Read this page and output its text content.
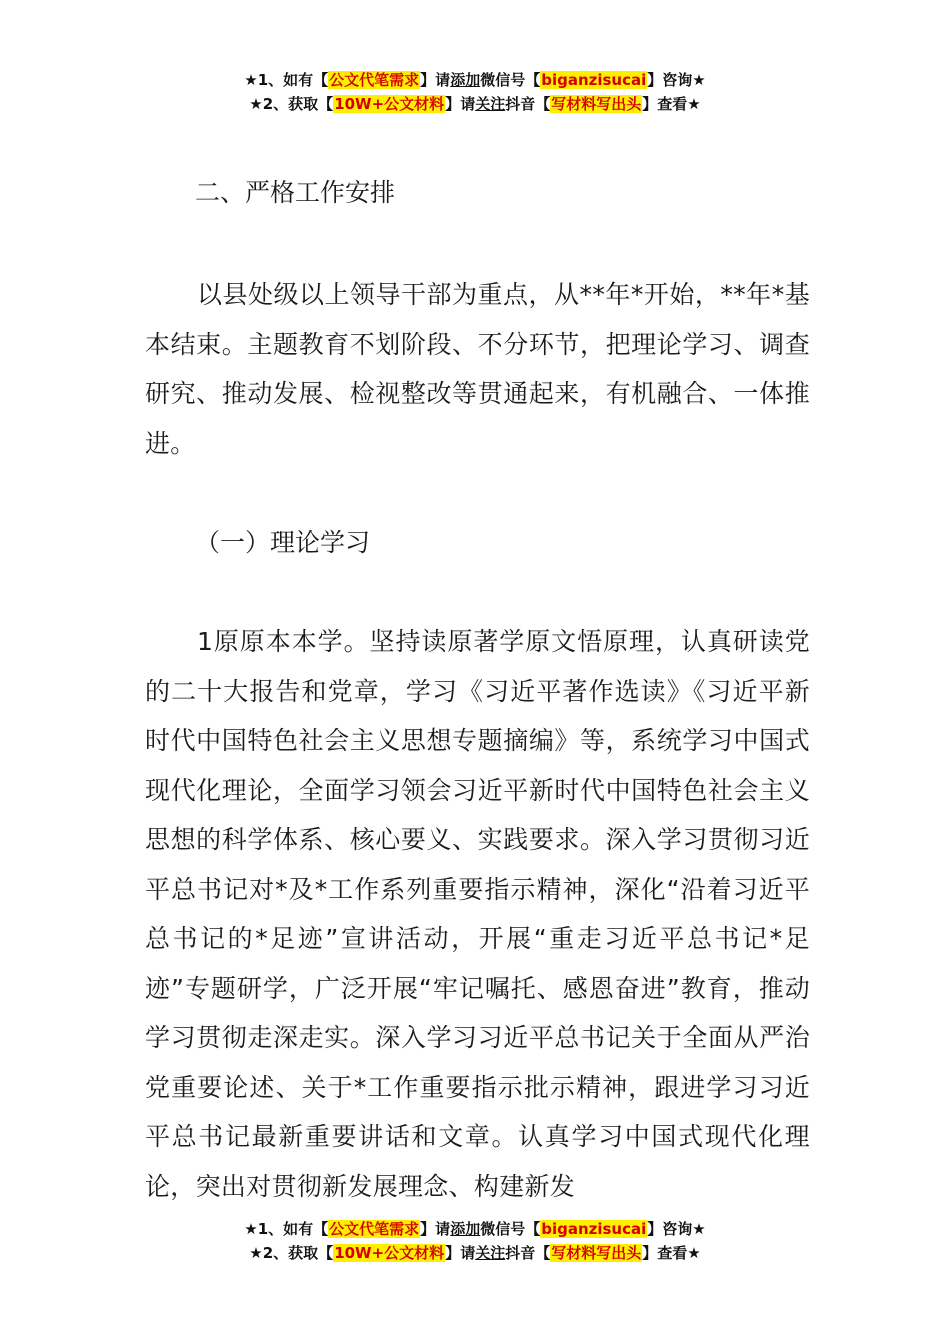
★1、如有【公文代笔需求】请添加微信号【biganzisucai】咨询★
★2、获取【10W+公文材料】请关注抖音【写材料写出头】查看★
二、严格工作安排

以县处级以上领导干部为重点，从**年*开始，**年*基本结束。主题教育不划阶段、不分环节，把理论学习、调查研究、推动发展、检视整改等贯通起来，有机融合、一体推进。

（一）理论学习

1原原本本学。坚持读原著学原文悟原理，认真研读党的二十大报告和党章，学习《习近平著作选读》《习近平新时代中国特色社会主义思想专题摘编》等，系统学习中国式现代化理论，全面学习领会习近平新时代中国特色社会主义思想的科学体系、核心要义、实践要求。深入学习贯彻习近平总书记对*及*工作系列重要指示精神，深化“沿着习近平总书记的*足迹”宣讲活动，开展“重走习近平总书记*足迹”专题研学，广泛开展“牢记嘱托、感恩奋进”教育，推动学习贯彻走深走实。深入学习习近平总书记关于全面从严治党重要论述、关于*工作重要指示批示精神，跟进学习习近平总书记最新重要讲话和文章。认真学习中国式现代化理论，突出对贯彻新发展理念、构建新发

★1、如有【公文代笔需求】请添加微信号【biganzisucai】咨询★
★2、获取【10W+公文材料】请关注抖音【写材料写出头】查看★
